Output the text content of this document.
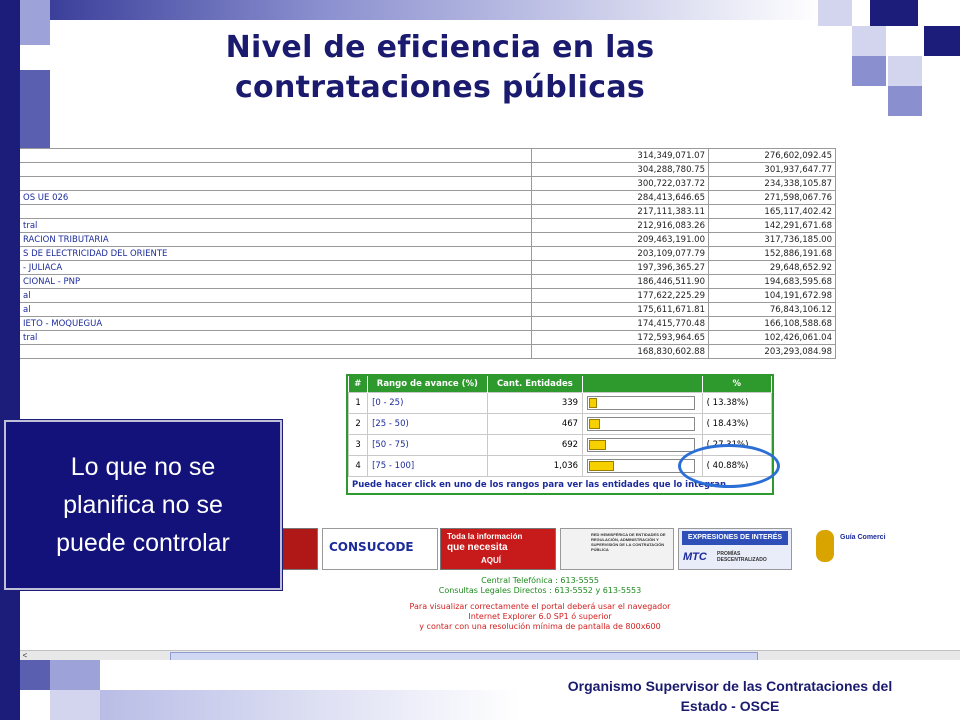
Nivel de eficiencia en las
contrataciones públicas
	314,349,071.07	276,602,092.45	
	304,288,780.75	301,937,647.77	
	300,722,037.72	234,338,105.87	
OS UE 026	284,413,646.65	271,598,067.76	
	217,111,383.11	165,117,402.42	
tral	212,916,083.26	142,291,671.68	
RACION TRIBUTARIA	209,463,191.00	317,736,185.00	
S DE ELECTRICIDAD DEL ORIENTE	203,109,077.79	152,886,191.68	
- JULIACA	197,396,365.27	29,648,652.92	
CIONAL - PNP	186,446,511.90	194,683,595.68	
al	177,622,225.29	104,191,672.98	
al	175,611,671.81	76,843,106.12	
IETO - MOQUEGUA	174,415,770.48	166,108,588.68	
tral	172,593,964.65	102,426,061.04	
	168,830,602.88	203,293,084.98	
#	Rango de avance (%)	Cant. Entidades		%
1	[0 - 25)	339		( 13.38%)
2	[25 - 50)	467		( 18.43%)
3	[50 - 75)	692		( 27.31%)
4	[75 - 100]	1,036		( 40.88%)
Puede hacer click en uno de los rangos para ver las entidades que lo integran.
CONSUCODE
Toda la información
que necesita
AQUÍ
RED HEMISFÉRICA DE ENTIDADES DE REGULACIÓN, ADMINISTRACIÓN Y SUPERVISIÓN DE LA CONTRATACIÓN PÚBLICA
EXPRESIONES DE INTERÉS
MTC PROMÍAS DESCENTRALIZADO
Guía Comerci
Central Telefónica : 613-5555
Consultas Legales Directos : 613-5552 y 613-5553
Para visualizar correctamente el portal deberá usar el navegador
Internet Explorer 6.0 SP1 ó superior
y contar con una resolución mínima de pantalla de 800x600
<
Lo que no se
planifica no se
puede controlar
Organismo Supervisor de las Contrataciones del
Estado - OSCE
